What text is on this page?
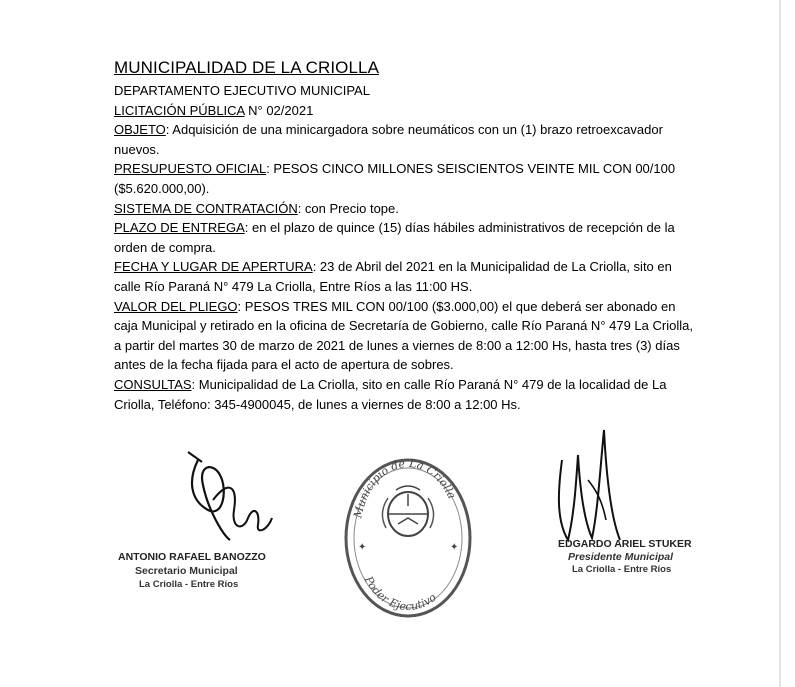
MUNICIPALIDAD DE LA CRIOLLA

DEPARTAMENTO EJECUTIVO MUNICIPAL

LICITACIÓN PÚBLICA N° 02/2021

OBJETO: Adquisición de una minicargadora sobre neumáticos con un (1) brazo retroexcavador nuevos.

PRESUPUESTO OFICIAL: PESOS CINCO MILLONES SEISCIENTOS VEINTE MIL CON 00/100 ($5.620.000,00).

SISTEMA DE CONTRATACIÓN: con Precio tope.

PLAZO DE ENTREGA: en el plazo de quince (15) días hábiles administrativos de recepción de la orden de compra.

FECHA Y LUGAR DE APERTURA: 23 de Abril del 2021 en la Municipalidad de La Criolla, sito en calle Río Paraná N° 479 La Criolla, Entre Ríos a las 11:00 HS.

VALOR DEL PLIEGO: PESOS TRES MIL CON 00/100 ($3.000,00) el que deberá ser abonado en caja Municipal y retirado en la oficina de Secretaría de Gobierno, calle Río Paraná N° 479 La Criolla, a partir del martes 30 de marzo de 2021 de lunes a viernes de 8:00 a 12:00 Hs, hasta tres (3) días antes de la fecha fijada para el acto de apertura de sobres.

CONSULTAS: Municipalidad de La Criolla, sito en calle Río Paraná N° 479 de la localidad de La Criolla, Teléfono: 345-4900045, de lunes a viernes de 8:00 a 12:00 Hs.

ANTONIO RAFAEL BANOZZO
Secretario Municipal
La Criolla - Entre Ríos
Municipio de La Criolla
Poder Ejecutivo
✦	✦	EDGARDO ARIEL STUKER
Presidente Municipal
La Criolla - Entre Ríos
